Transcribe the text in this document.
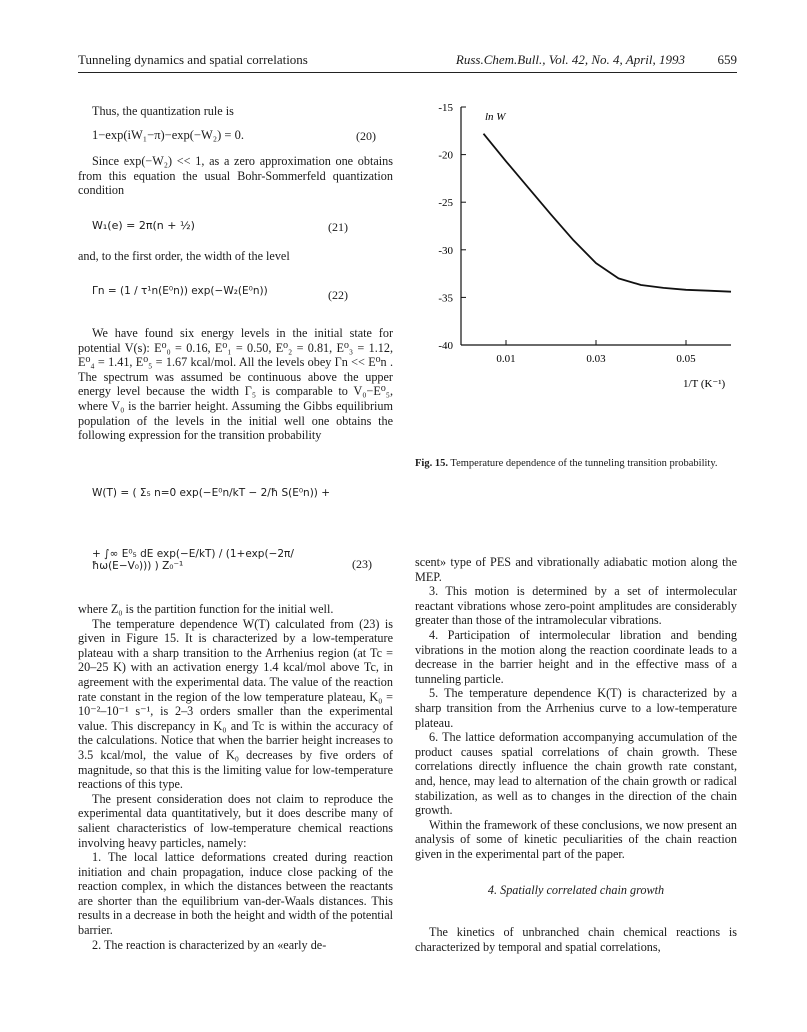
Tunneling dynamics and spatial correlations	Russ.Chem.Bull., Vol. 42, No. 4, April, 1993	659

Thus, the quantization rule is

1−exp(iW₁−π)−exp(−W₂) = 0.	(20)

Since exp(−W₂) << 1, as a zero approximation one obtains from this equation the usual Bohr-Sommerfeld quantization condition

W₁(e) = 2π(n + ½)	(21)

and, to the first order, the width of the level

Γn = (1 / τ¹n(E⁰n)) exp(−W₂(E⁰n))	(22)

We have found six energy levels in the initial state for potential V(s): E⁰₀ = 0.16, E⁰₁ = 0.50, E⁰₂ = 0.81, E⁰₃ = 1.12, E⁰₄ = 1.41, E⁰₅ = 1.67 kcal/mol. All the levels obey Γn << E⁰n . The spectrum was assumed be continuous above the upper energy level because the width Γ₅ is comparable to V₀−E⁰₅, where V₀ is the barrier height. Assuming the Gibbs equilibrium population of the levels in the initial well one obtains the following expression for the transition probability

W(T) = ( Σ₅ n=0 exp(−E⁰n/kT − 2/ħ S(E⁰n)) +
+ ∫∞ E⁰₅ dE exp(−E/kT) / (1+exp(−2π/ħω(E−V₀))) ) Z₀⁻¹	(23)

where Z₀ is the partition function for the initial well.

The temperature dependence W(T) calculated from (23) is given in Figure 15. It is characterized by a low-temperature plateau with a sharp transition to the Arrhenius region (at Tc = 20–25 K) with an activation energy 1.4 kcal/mol above Tc, in agreement with the experimental data. The value of the reaction rate constant in the region of the low temperature plateau, K₀ = 10⁻²–10⁻¹ s⁻¹, is 2–3 orders smaller than the experimental value. This discrepancy in K₀ and Tc is within the accuracy of the calculations. Notice that when the barrier height increases to 3.5 kcal/mol, the value of K₀ decreases by five orders of magnitude, so that this is the limiting value for low-temperature reactions of this type.

The present consideration does not claim to reproduce the experimental data quantitatively, but it does describe many of salient characteristics of low-temperature chemical reactions involving heavy particles, namely:

1. The local lattice deformations created during reaction initiation and chain propagation, induce close packing of the reaction complex, in which the distances between the reactants are shorter than the equilibrium van-der-Waals distances. This results in a decrease in both the height and width of the potential barrier.

2. The reaction is characterized by an «early de-

-15
-20
-25
-30
-35
-40
0.01	0.03	0.05
ln W
1/T (K⁻¹)
Fig. 15. Temperature dependence of the tunneling transition probability.

scent» type of PES and vibrationally adiabatic motion along the MEP.

3. This motion is determined by a set of intermolecular reactant vibrations whose zero-point amplitudes are considerably greater than those of the intramolecular vibrations.

4. Participation of intermolecular libration and bending vibrations in the motion along the reaction coordinate leads to a decrease in the barrier height and in the effective mass of a tunneling particle.

5. The temperature dependence K(T) is characterized by a sharp transition from the Arrhenius curve to a low-temperature plateau.

6. The lattice deformation accompanying accumulation of the product causes spatial correlations of chain growth. These correlations directly influence the chain growth rate constant, and, hence, may lead to alternation of the chain growth or radical stabilization, as well as to changes in the direction of the chain growth.

Within the framework of these conclusions, we now present an analysis of some of kinetic peculiarities of the chain reaction given in the experimental part of the paper.

4. Spatially correlated chain growth

The kinetics of unbranched chain chemical reactions is characterized by temporal and spatial correlations,
